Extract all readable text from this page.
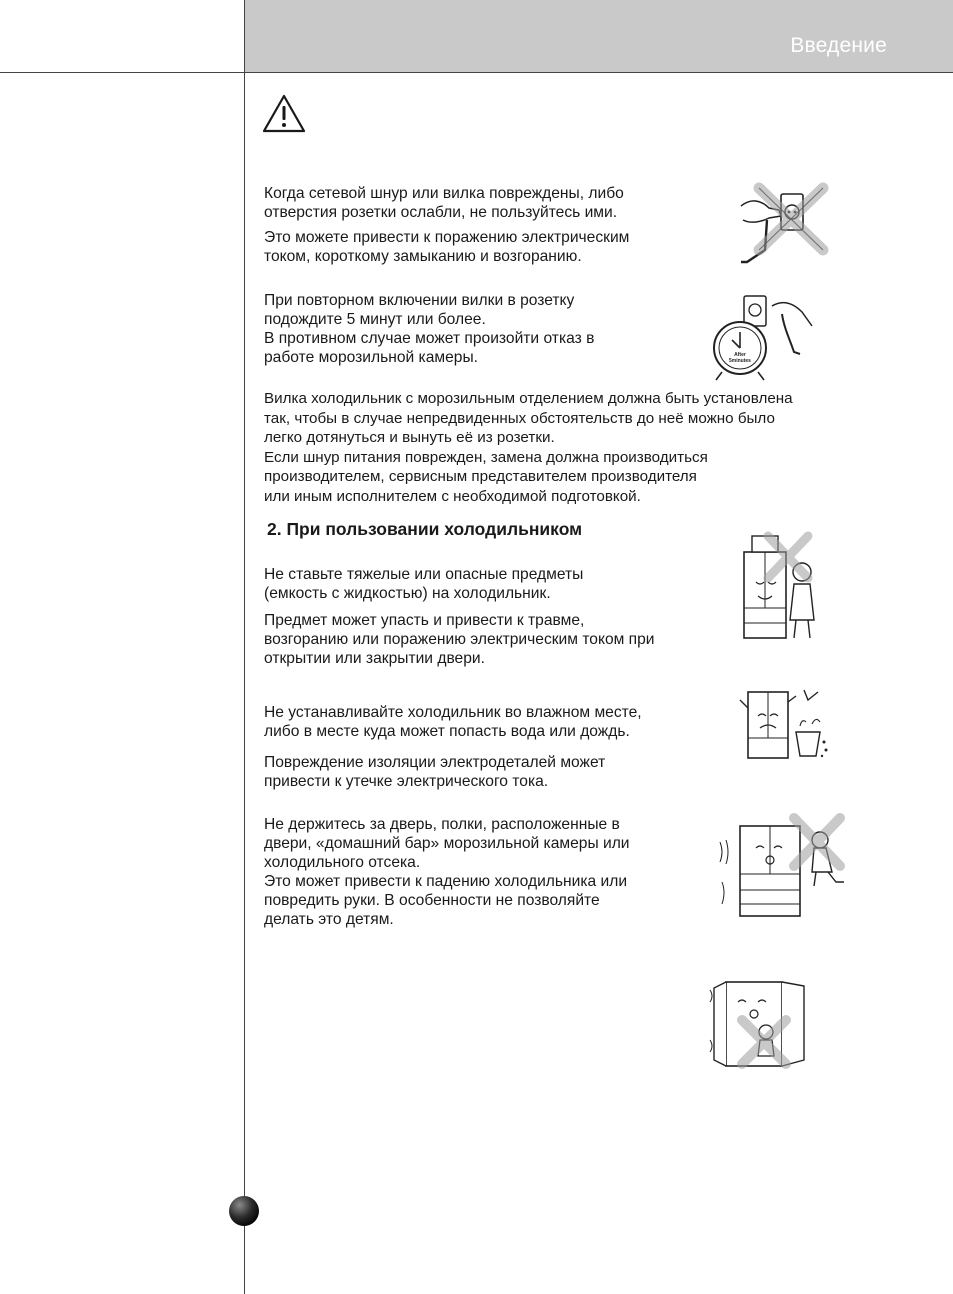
Введение

Когда сетевой шнур или вилка повреждены, либо
отверстия розетки ослабли, не пользуйтесь ими.

Это можете привести к поражению электрическим
током, короткому замыканию и возгоранию.

При повторном включении вилки в розетку
подождите 5 минут или более.
В противном случае может произойти отказ в
работе морозильной камеры.

Вилка холодильник с морозильным отделением должна быть установлена
так, чтобы в случае непредвиденных обстоятельств до неё можно было
легко дотянуться и вынуть её из розетки.
Если шнур питания поврежден, замена должна производиться
производителем, сервисным представителем производителя
или иным исполнителем с необходимой подготовкой.

2. При пользовании холодильником

Не ставьте тяжелые или опасные предметы
(емкость с жидкостью) на холодильник.

Предмет может упасть и привести к травме,
возгоранию или поражению электрическим током при
открытии или закрытии двери.

Не устанавливайте холодильник во влажном месте,
либо в месте куда может попасть вода или дождь.

Повреждение изоляции электродеталей может
привести к утечке электрического тока.

Не держитесь за дверь, полки, расположенные в
двери, «домашний бар» морозильной камеры или
холодильного отсека.
Это может привести к падению холодильника или
повредить руки. В особенности не позволяйте
делать это детям.

After
5minutes
